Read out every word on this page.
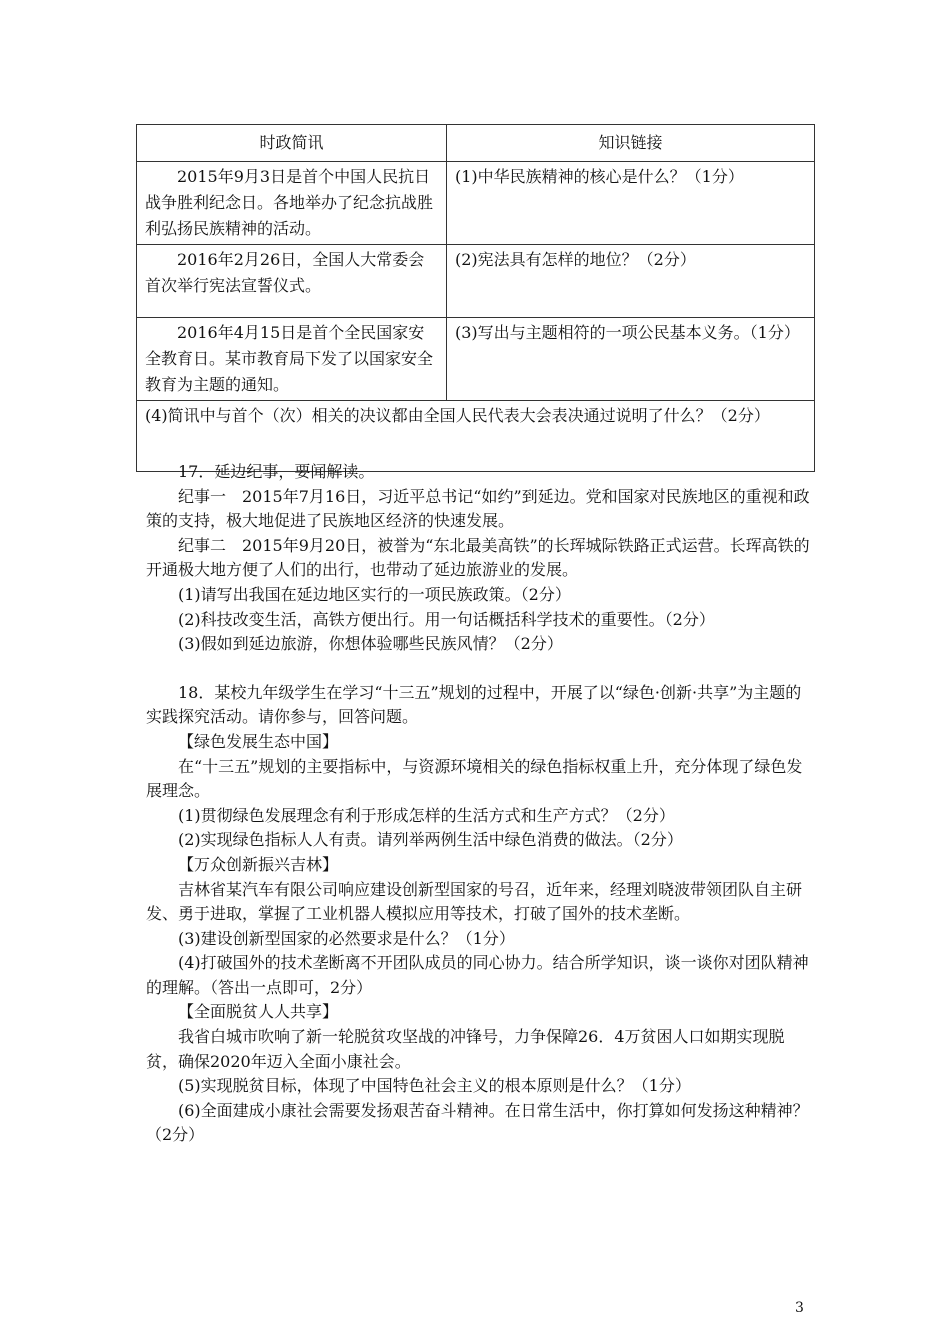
时政简讯	知识链接
2015年9月3日是首个中国人民抗日战争胜利纪念日。各地举办了纪念抗战胜利弘扬民族精神的活动。	(1)中华民族精神的核心是什么？（1分）
2016年2月26日，全国人大常委会首次举行宪法宣誓仪式。	(2)宪法具有怎样的地位？（2分）
2016年4月15日是首个全民国家安全教育日。某市教育局下发了以国家安全教育为主题的通知。	(3)写出与主题相符的一项公民基本义务。（1分）
(4)简讯中与首个（次）相关的决议都由全国人民代表大会表决通过说明了什么？（2分）	

17．延边纪事，要闻解读。

纪事一　2015年7月16日，习近平总书记“如约”到延边。党和国家对民族地区的重视和政策的支持，极大地促进了民族地区经济的快速发展。

纪事二　2015年9月20日，被誉为“东北最美高铁”的长珲城际铁路正式运营。长珲高铁的开通极大地方便了人们的出行，也带动了延边旅游业的发展。

(1)请写出我国在延边地区实行的一项民族政策。（2分）

(2)科技改变生活，高铁方便出行。用一句话概括科学技术的重要性。（2分）

(3)假如到延边旅游，你想体验哪些民族风情？（2分）

18．某校九年级学生在学习“十三五”规划的过程中，开展了以“绿色·创新·共享”为主题的实践探究活动。请你参与，回答问题。

【绿色发展生态中国】

在“十三五”规划的主要指标中，与资源环境相关的绿色指标权重上升，充分体现了绿色发展理念。

(1)贯彻绿色发展理念有利于形成怎样的生活方式和生产方式？（2分）

(2)实现绿色指标人人有责。请列举两例生活中绿色消费的做法。（2分）

【万众创新振兴吉林】

吉林省某汽车有限公司响应建设创新型国家的号召，近年来，经理刘晓波带领团队自主研发、勇于进取，掌握了工业机器人模拟应用等技术，打破了国外的技术垄断。

(3)建设创新型国家的必然要求是什么？（1分）

(4)打破国外的技术垄断离不开团队成员的同心协力。结合所学知识，谈一谈你对团队精神的理解。（答出一点即可，2分）

【全面脱贫人人共享】

我省白城市吹响了新一轮脱贫攻坚战的冲锋号，力争保障26．4万贫困人口如期实现脱贫，确保2020年迈入全面小康社会。

(5)实现脱贫目标，体现了中国特色社会主义的根本原则是什么？（1分）

(6)全面建成小康社会需要发扬艰苦奋斗精神。在日常生活中，你打算如何发扬这种精神？（2分）

3
